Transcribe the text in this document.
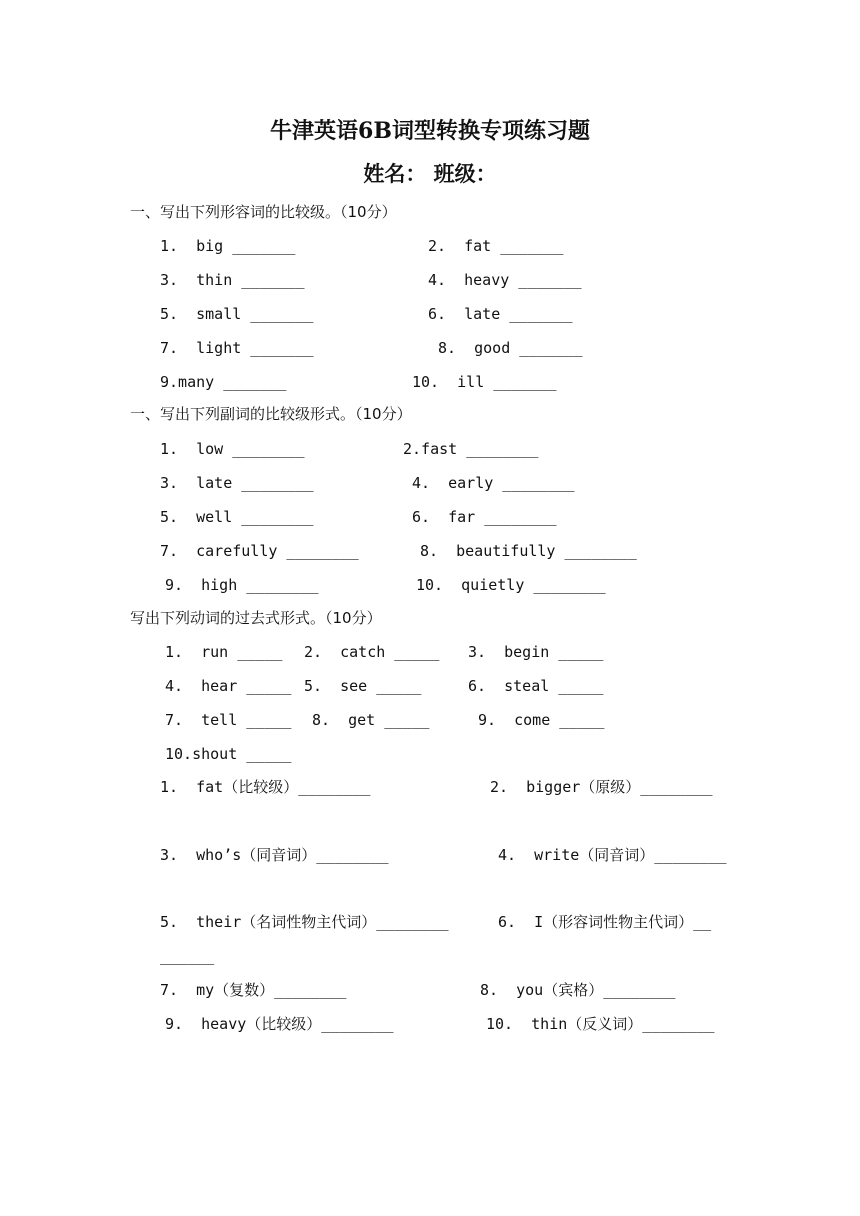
牛津英语6B词型转换专项练习题
姓名： 班级：
一、写出下列形容词的比较级。（10分）
1.  big _______	2.  fat _______
3.  thin _______	4.  heavy _______
5.  small _______	6.  late _______
7.  light _______	8.  good _______
9.many _______	10.  ill _______
一、写出下列副词的比较级形式。（10分）
1.  low ________	2.fast ________
3.  late ________	4.  early ________
5.  well ________	6.  far ________
7.  carefully ________	8.  beautifully ________
9.  high ________	10.  quietly ________
写出下列动词的过去式形式。（10分）
1.  run _____ 2.  catch _____ 3.  begin _____
4.  hear _____ 5.  see _____	6.  steal _____
7.  tell _____ 8.  get _____	9.  come _____
10.shout _____
1.  fat（比较级）________	2.  bigger（原级）________
3.  who’s（同音词）________	4.  write（同音词）________
5.  their（名词性物主代词）________	6.  I（形容词性物主代词）__
______
7.  my（复数）________	8.  you（宾格）________
9.  heavy（比较级）________	10.  thin（反义词）________
